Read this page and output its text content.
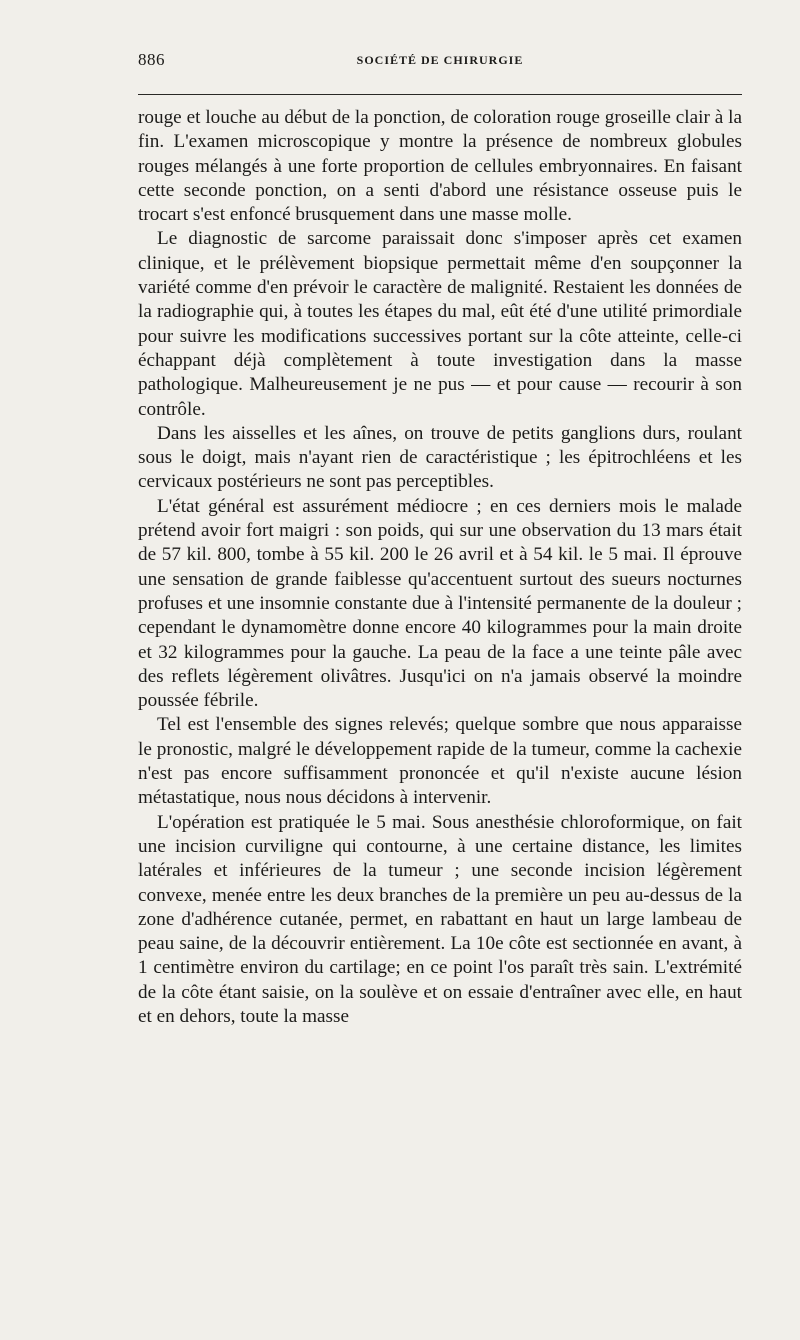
886	SOCIÉTÉ DE CHIRURGIE

rouge et louche au début de la ponction, de coloration rouge groseille clair à la fin. L'examen microscopique y montre la présence de nombreux globules rouges mélangés à une forte proportion de cellules embryonnaires. En faisant cette seconde ponction, on a senti d'abord une résistance osseuse puis le trocart s'est enfoncé brusquement dans une masse molle.

Le diagnostic de sarcome paraissait donc s'imposer après cet examen clinique, et le prélèvement biopsique permettait même d'en soupçonner la variété comme d'en prévoir le caractère de malignité. Restaient les données de la radiographie qui, à toutes les étapes du mal, eût été d'une utilité primordiale pour suivre les modifications successives portant sur la côte atteinte, celle-ci échappant déjà complètement à toute investigation dans la masse pathologique. Malheureusement je ne pus — et pour cause — recourir à son contrôle.

Dans les aisselles et les aînes, on trouve de petits ganglions durs, roulant sous le doigt, mais n'ayant rien de caractéristique ; les épitrochléens et les cervicaux postérieurs ne sont pas perceptibles.

L'état général est assurément médiocre ; en ces derniers mois le malade prétend avoir fort maigri : son poids, qui sur une observation du 13 mars était de 57 kil. 800, tombe à 55 kil. 200 le 26 avril et à 54 kil. le 5 mai. Il éprouve une sensation de grande faiblesse qu'accentuent surtout des sueurs nocturnes profuses et une insomnie constante due à l'intensité permanente de la douleur ; cependant le dynamomètre donne encore 40 kilogrammes pour la main droite et 32 kilogrammes pour la gauche. La peau de la face a une teinte pâle avec des reflets légèrement olivâtres. Jusqu'ici on n'a jamais observé la moindre poussée fébrile.

Tel est l'ensemble des signes relevés; quelque sombre que nous apparaisse le pronostic, malgré le développement rapide de la tumeur, comme la cachexie n'est pas encore suffisamment prononcée et qu'il n'existe aucune lésion métastatique, nous nous décidons à intervenir.

L'opération est pratiquée le 5 mai. Sous anesthésie chloroformique, on fait une incision curviligne qui contourne, à une certaine distance, les limites latérales et inférieures de la tumeur ; une seconde incision légèrement convexe, menée entre les deux branches de la première un peu au-dessus de la zone d'adhérence cutanée, permet, en rabattant en haut un large lambeau de peau saine, de la découvrir entièrement. La 10e côte est sectionnée en avant, à 1 centimètre environ du cartilage; en ce point l'os paraît très sain. L'extrémité de la côte étant saisie, on la soulève et on essaie d'entraîner avec elle, en haut et en dehors, toute la masse
